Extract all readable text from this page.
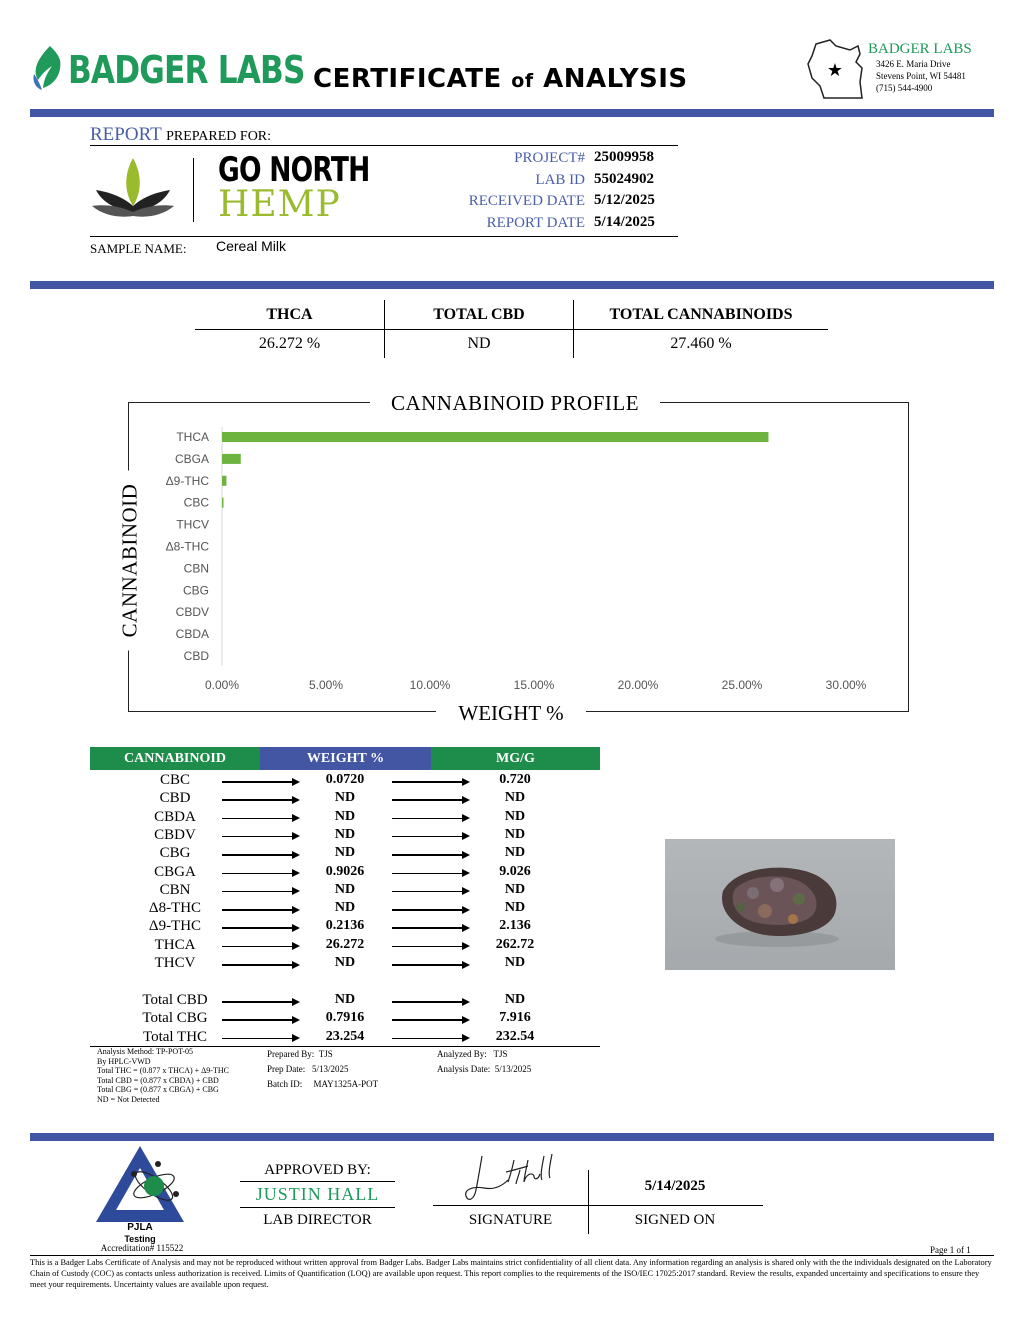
BADGER LABS CERTIFICATE of ANALYSIS	★
BADGER LABS
3426 E. Maria Drive
Stevens Point, WI 54481
(715) 544-4900
REPORT PREPARED FOR:
GO NORTH
HEMP
PROJECT# 25009958
LAB ID 55024902
RECEIVED DATE 5/12/2025
REPORT DATE 5/14/2025
SAMPLE NAME: Cereal Milk
THCA	TOTAL CBD	TOTAL CANNABINOIDS
26.272 %	ND	27.460 %
THCA
CBGA
Δ9-THC
CBC
THCV
Δ8-THC
CBN
CBG
CBDV
CBDA
CBD
0.00%	5.00%	10.00%	15.00%	20.00%	25.00%	30.00%
CANNABINOID PROFILE
WEIGHT %
CANNABINOID
CANNABINOID	WEIGHT %	MG/G
CBC	0.0720	0.720
CBD	ND	ND
CBDA	ND	ND
CBDV	ND	ND
CBG	ND	ND
CBGA	0.9026	9.026
CBN	ND	ND
Δ8-THC	ND	ND
Δ9-THC	0.2136	2.136
THCA	26.272	262.72
THCV	ND	ND
Total CBD	ND	ND
Total CBG	0.7916	7.916
Total THC	23.254	232.54
Analysis Method: TP-POT-05
By HPLC-VWD
Total THC = (0.877 x THCA) + Δ9-THC
Total CBD = (0.877 x CBDA) + CBD
Total CBG = (0.877 x CBGA) + CBG
ND = Not Detected
Prepared By: TJS
Prep Date: 5/13/2025
Batch ID: MAY1325A-POT
Analyzed By: TJS
Analysis Date: 5/13/2025
PJLA
Testing
Accreditation# 115522
APPROVED BY:
JUSTIN HALL
LAB DIRECTOR	SIGNATURE
5/14/2025
SIGNED ON
Page 1 of 1
This is a Badger Labs Certificate of Analysis and may not be reproduced without written approval from Badger Labs. Badger Labs maintains strict confidentiality of all client data. Any information regarding an analysis is shared only with the the individuals designated on the Laboratory Chain of Custody (COC) as contacts unless authorization is received. Limits of Quantification (LOQ) are available upon request. This report complies to the requirements of the ISO/IEC 17025:2017 standard. Review the results, expanded uncertainty and specifications to ensure they meet your requirements. Uncertainty values are available upon request.
